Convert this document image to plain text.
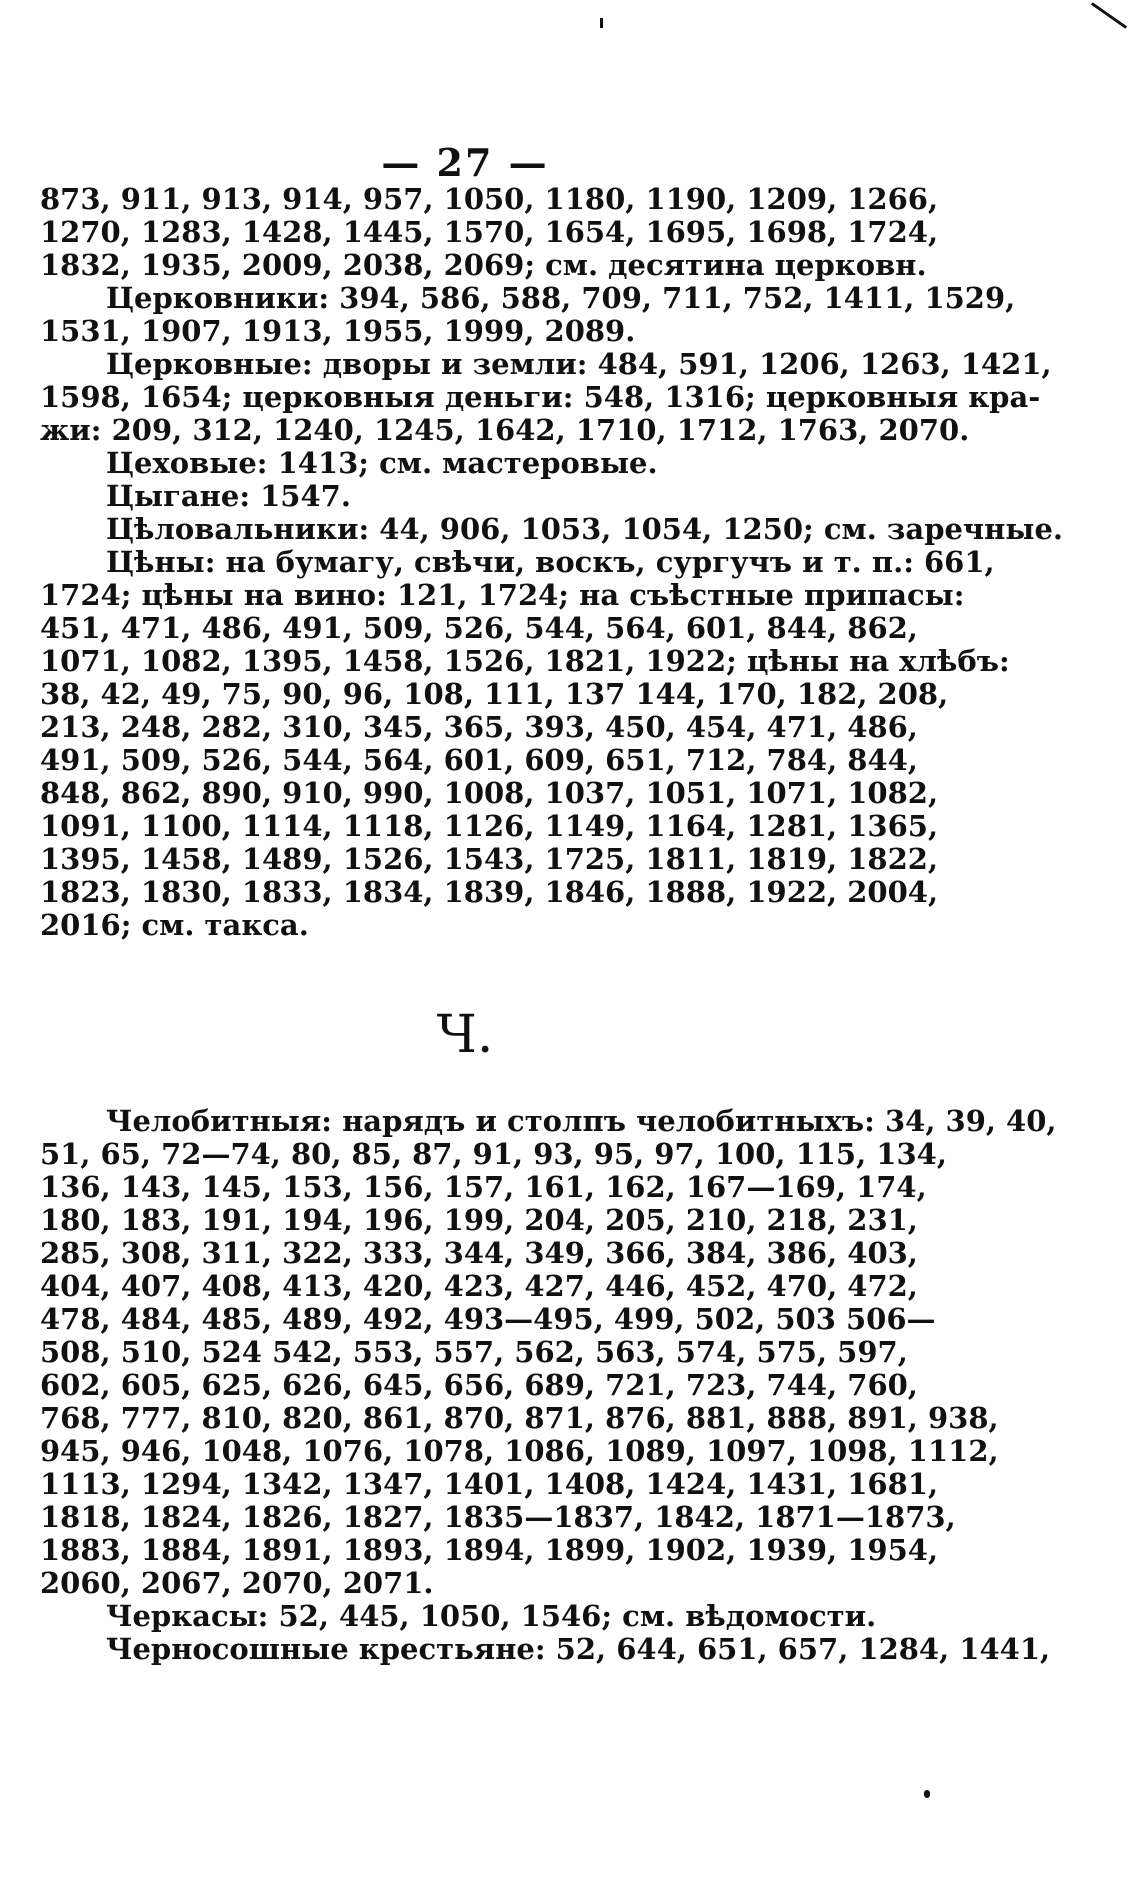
— 27 —
873, 911, 913, 914, 957, 1050, 1180, 1190, 1209, 1266,
1270, 1283, 1428, 1445, 1570, 1654, 1695, 1698, 1724,
1832, 1935, 2009, 2038, 2069; см. десятина церковн.
Церковники: 394, 586, 588, 709, 711, 752, 1411, 1529,
1531, 1907, 1913, 1955, 1999, 2089.
Церковные: дворы и земли: 484, 591, 1206, 1263, 1421,
1598, 1654; церковныя деньги: 548, 1316; церковныя кра-
жи: 209, 312, 1240, 1245, 1642, 1710, 1712, 1763, 2070.
Цеховые: 1413; см. мастеровые.
Цыгане: 1547.
Цѣловальники: 44, 906, 1053, 1054, 1250; см. заречные.
Цѣны: на бумагу, свѣчи, воскъ, сургучъ и т. п.: 661,
1724; цѣны на вино: 121, 1724; на съѣстные припасы:
451, 471, 486, 491, 509, 526, 544, 564, 601, 844, 862,
1071, 1082, 1395, 1458, 1526, 1821, 1922; цѣны на хлѣбъ:
38, 42, 49, 75, 90, 96, 108, 111, 137 144, 170, 182, 208,
213, 248, 282, 310, 345, 365, 393, 450, 454, 471, 486,
491, 509, 526, 544, 564, 601, 609, 651, 712, 784, 844,
848, 862, 890, 910, 990, 1008, 1037, 1051, 1071, 1082,
1091, 1100, 1114, 1118, 1126, 1149, 1164, 1281, 1365,
1395, 1458, 1489, 1526, 1543, 1725, 1811, 1819, 1822,
1823, 1830, 1833, 1834, 1839, 1846, 1888, 1922, 2004,
2016; см. такса.
Ч.
Челобитныя: нарядъ и столпъ челобитныхъ: 34, 39, 40,
51, 65, 72—74, 80, 85, 87, 91, 93, 95, 97, 100, 115, 134,
136, 143, 145, 153, 156, 157, 161, 162, 167—169, 174,
180, 183, 191, 194, 196, 199, 204, 205, 210, 218, 231,
285, 308, 311, 322, 333, 344, 349, 366, 384, 386, 403,
404, 407, 408, 413, 420, 423, 427, 446, 452, 470, 472,
478, 484, 485, 489, 492, 493—495, 499, 502, 503 506—
508, 510, 524 542, 553, 557, 562, 563, 574, 575, 597,
602, 605, 625, 626, 645, 656, 689, 721, 723, 744, 760,
768, 777, 810, 820, 861, 870, 871, 876, 881, 888, 891, 938,
945, 946, 1048, 1076, 1078, 1086, 1089, 1097, 1098, 1112,
1113, 1294, 1342, 1347, 1401, 1408, 1424, 1431, 1681,
1818, 1824, 1826, 1827, 1835—1837, 1842, 1871—1873,
1883, 1884, 1891, 1893, 1894, 1899, 1902, 1939, 1954,
2060, 2067, 2070, 2071.
Черкасы: 52, 445, 1050, 1546; см. вѣдомости.
Черносошные крестьяне: 52, 644, 651, 657, 1284, 1441,
